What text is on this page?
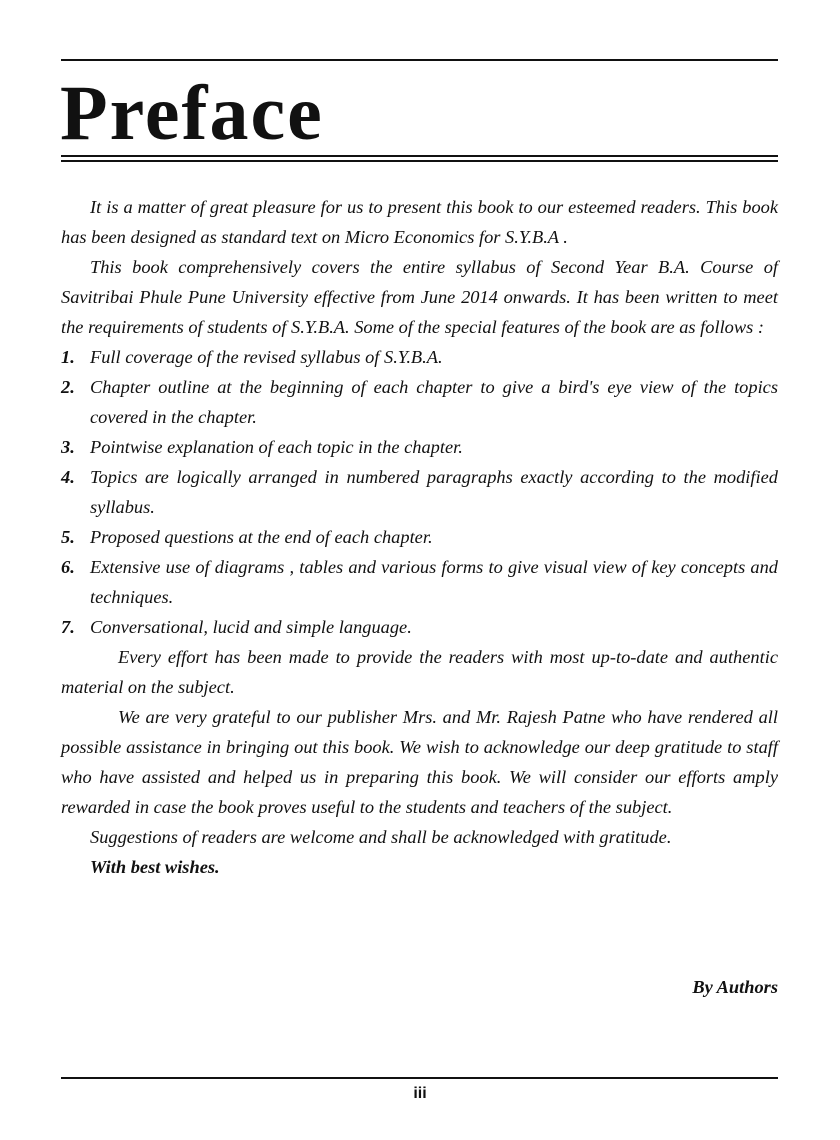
Preface

It is a matter of great pleasure for us to present this book to our esteemed readers. This book has been designed as standard text on Micro Economics for S.Y.B.A .

This book comprehensively covers the entire syllabus of Second Year B.A. Course of Savitribai Phule Pune University effective from June 2014 onwards. It has been written to meet the requirements of students of S.Y.B.A. Some of the special features of the book are as follows :

1. Full coverage of the revised syllabus of S.Y.B.A.
2. Chapter outline at the beginning of each chapter to give a bird's eye view of the topics covered in the chapter.
3. Pointwise explanation of each topic in the chapter.
4. Topics are logically arranged in numbered paragraphs exactly according to the modified syllabus.
5. Proposed questions at the end of each chapter.
6. Extensive use of diagrams , tables and various forms to give visual view of key concepts and techniques.
7. Conversational, lucid and simple language.

Every effort has been made to provide the readers with most up-to-date and authentic material on the subject.

We are very grateful to our publisher Mrs. and Mr. Rajesh Patne who have rendered all possible assistance in bringing out this book. We wish to acknowledge our deep gratitude to staff who have assisted and helped us in preparing this book. We will consider our efforts amply rewarded in case the book proves useful to the students and teachers of the subject.

Suggestions of readers are welcome and shall be acknowledged with gratitude.

With best wishes.

By Authors
iii
